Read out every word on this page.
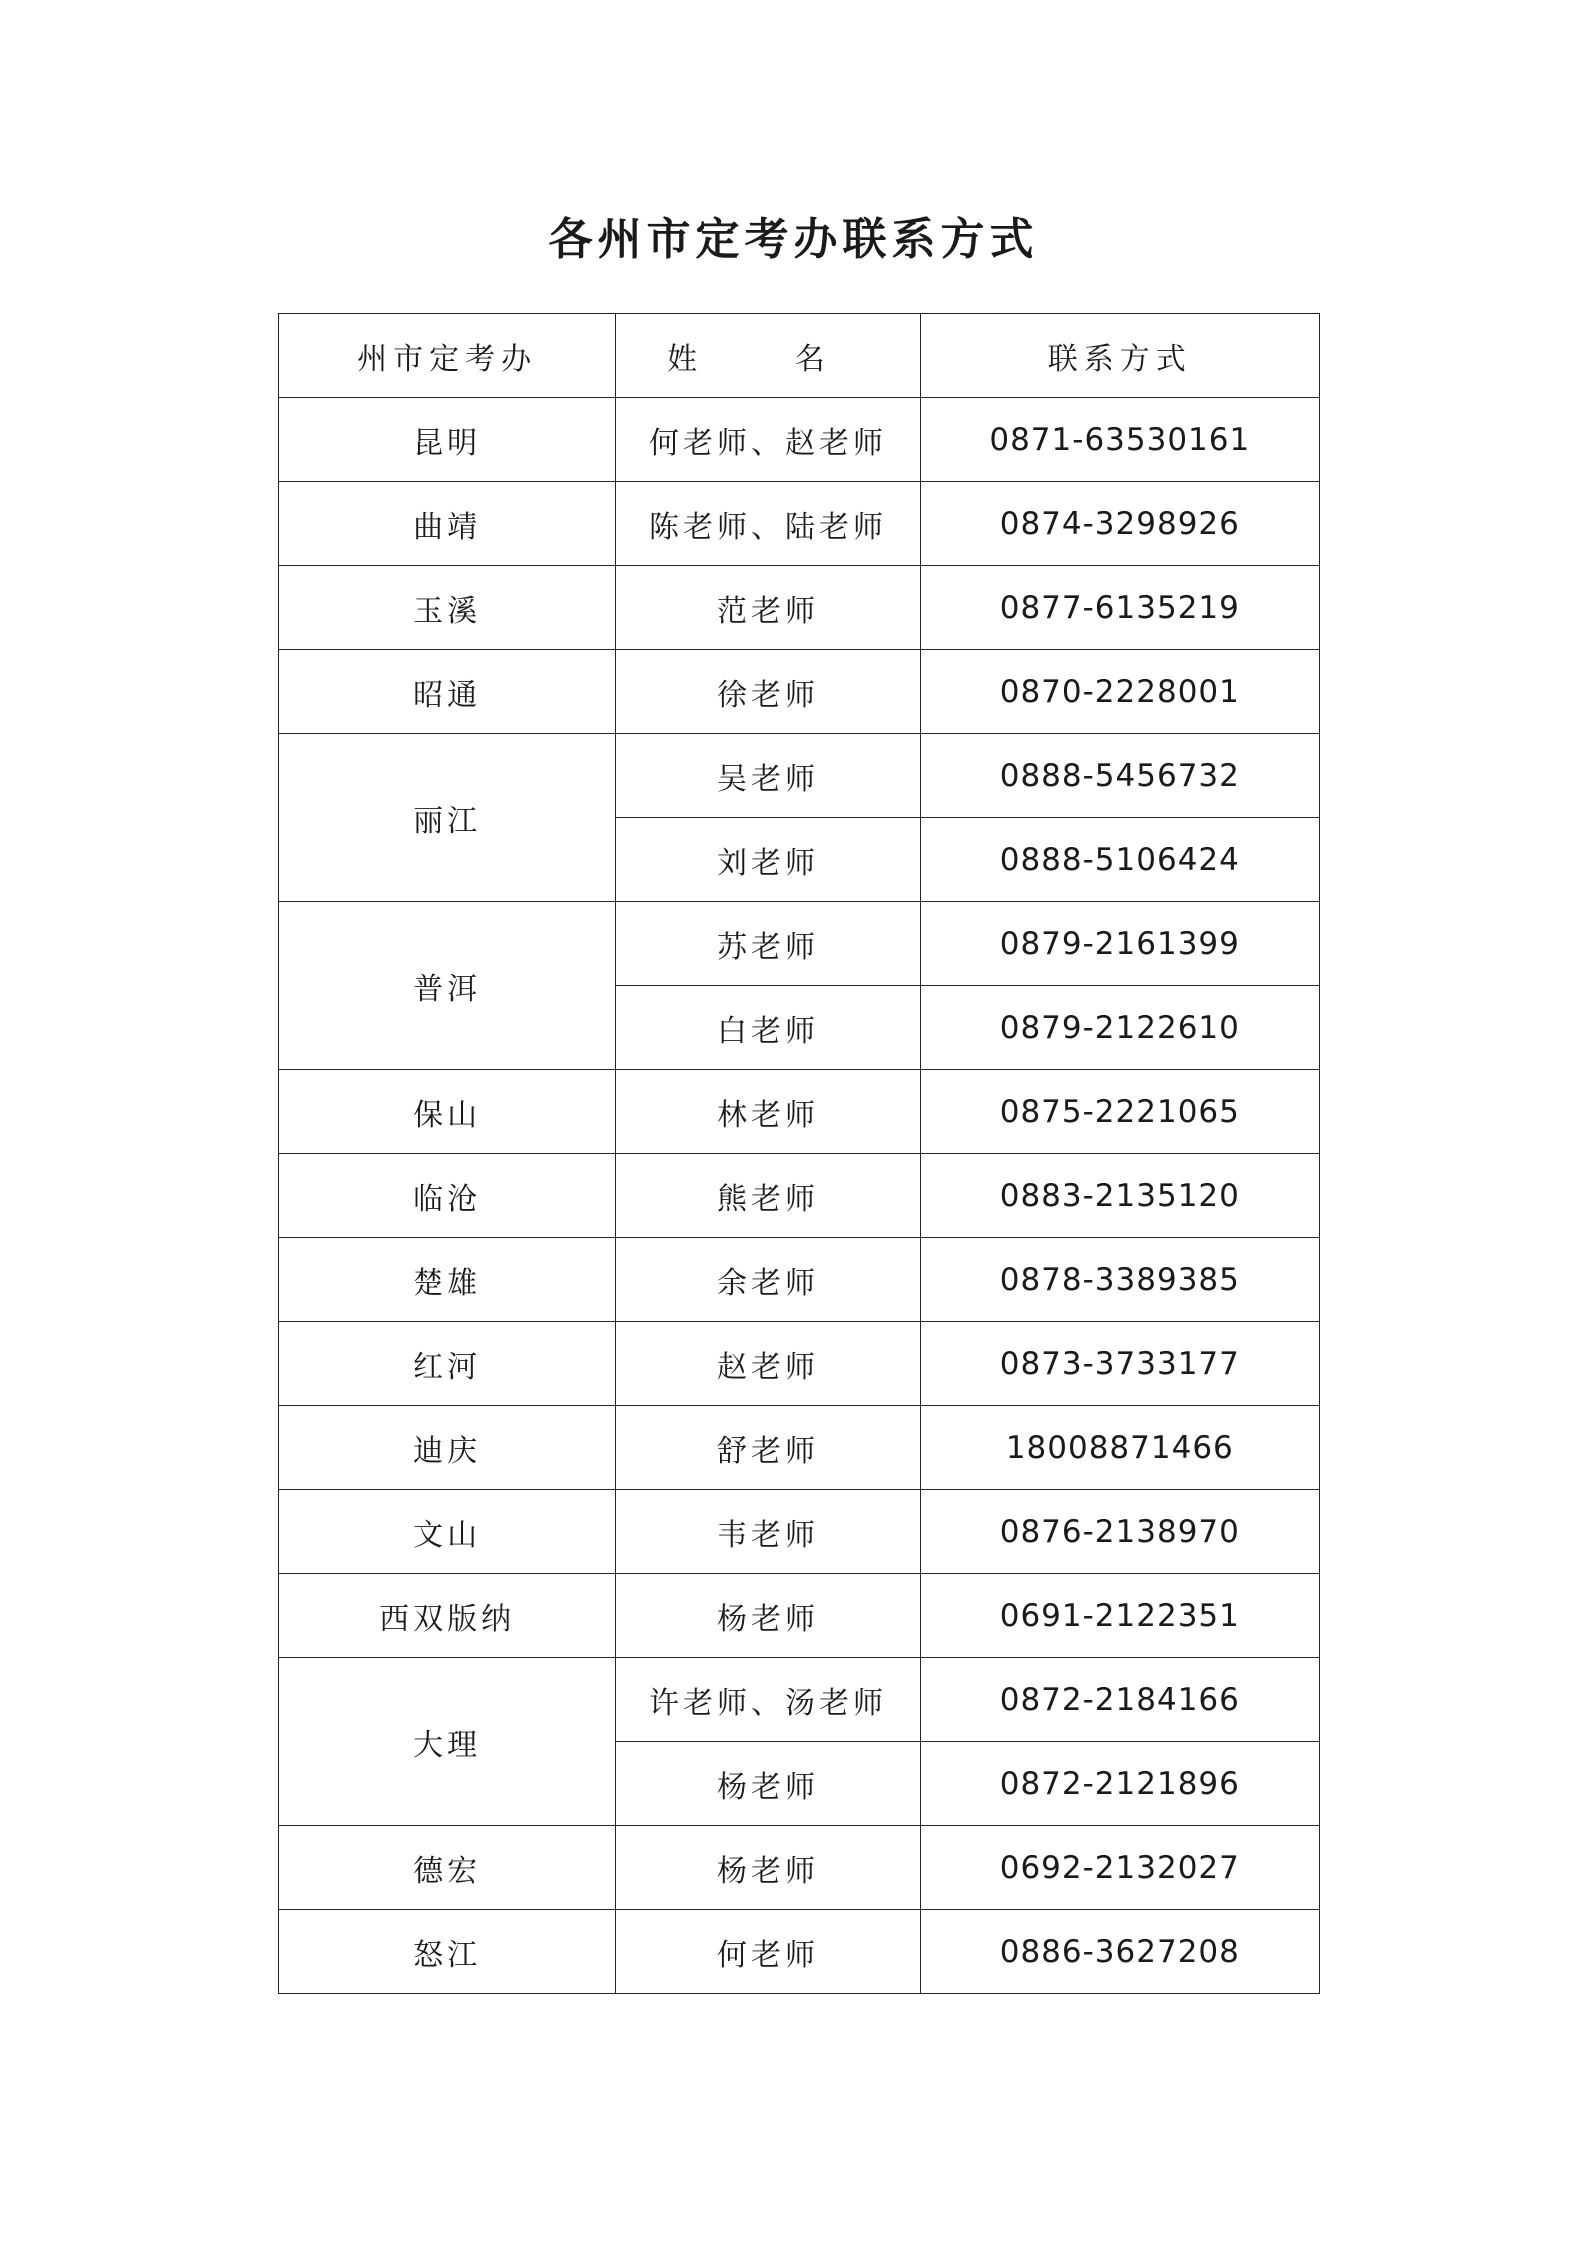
各州市定考办联系方式
州市定考办	姓 名	联系方式
昆明	何老师、赵老师	0871-63530161
曲靖	陈老师、陆老师	0874-3298926
玉溪	范老师	0877-6135219
昭通	徐老师	0870-2228001
丽江	吴老师	0888-5456732
	刘老师	0888-5106424
普洱	苏老师	0879-2161399
	白老师	0879-2122610
保山	林老师	0875-2221065
临沧	熊老师	0883-2135120
楚雄	余老师	0878-3389385
红河	赵老师	0873-3733177
迪庆	舒老师	18008871466
文山	韦老师	0876-2138970
西双版纳	杨老师	0691-2122351
大理	许老师、汤老师	0872-2184166
	杨老师	0872-2121896
德宏	杨老师	0692-2132027
怒江	何老师	0886-3627208
